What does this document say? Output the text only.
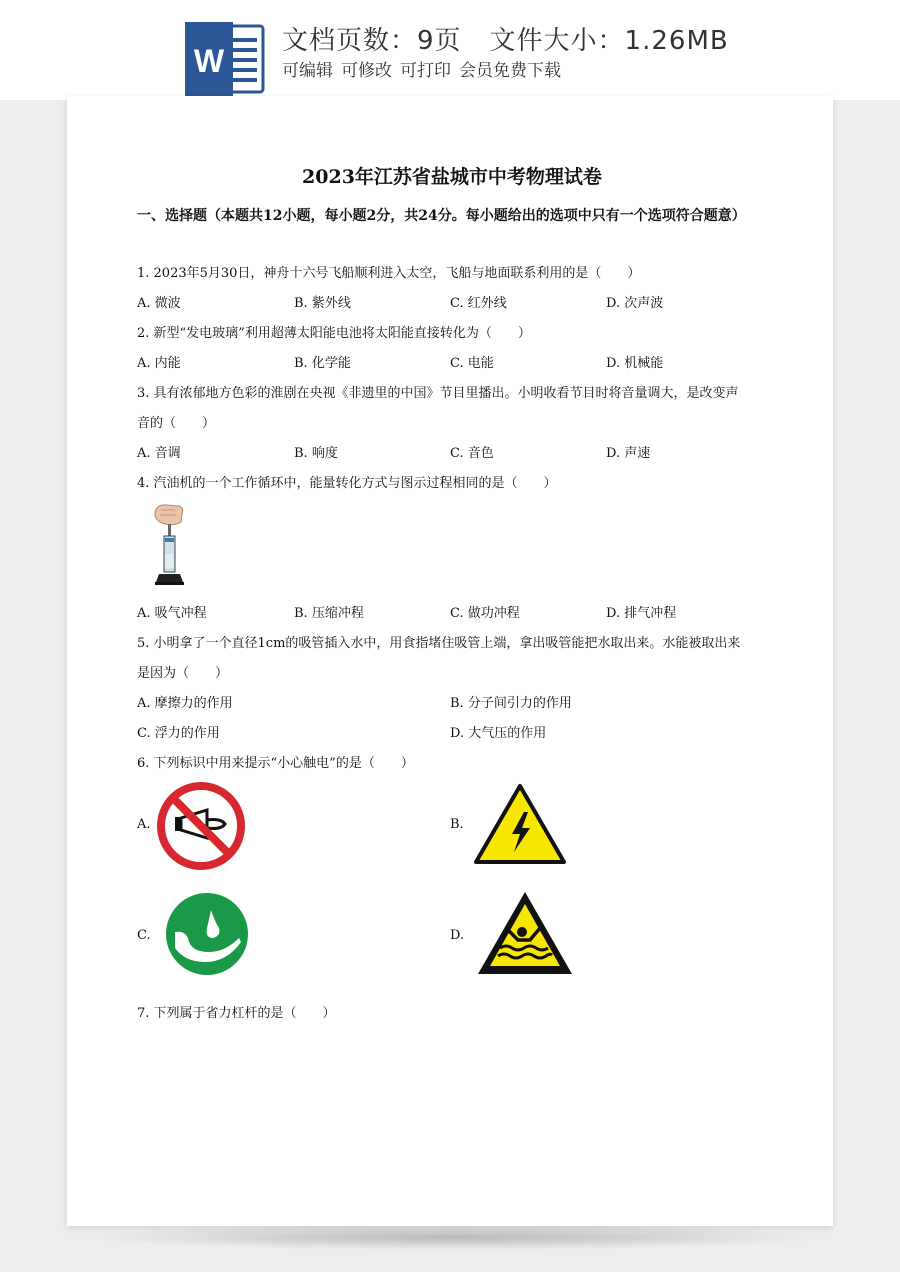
W
文档页数：9页 文件大小：1.26MB
可编辑 可修改 可打印 会员免费下载
2023年江苏省盐城市中考物理试卷
一、选择题（本题共12小题，每小题2分，共24分。每小题给出的选项中只有一个选项符合题意）
1. 2023年5月30日，神舟十六号飞船顺利进入太空，飞船与地面联系利用的是（　　）
A. 微波	B. 紫外线	C. 红外线	D. 次声波
2. 新型“发电玻璃”利用超薄太阳能电池将太阳能直接转化为（　　）
A. 内能	B. 化学能	C. 电能	D. 机械能
3. 具有浓郁地方色彩的淮剧在央视《非遗里的中国》节目里播出。小明收看节目时将音量调大，是改变声
音的（　　）
A. 音调	B. 响度	C. 音色	D. 声速
4. 汽油机的一个工作循环中，能量转化方式与图示过程相同的是（　　）
A. 吸气冲程	B. 压缩冲程	C. 做功冲程	D. 排气冲程
5. 小明拿了一个直径1cm的吸管插入水中，用食指堵住吸管上端，拿出吸管能把水取出来。水能被取出来
是因为（　　）
A. 摩擦力的作用	B. 分子间引力的作用
C. 浮力的作用	D. 大气压的作用
6. 下列标识中用来提示“小心触电”的是（　　）
A.	B.
C.	D.
7. 下列属于省力杠杆的是（　　）
